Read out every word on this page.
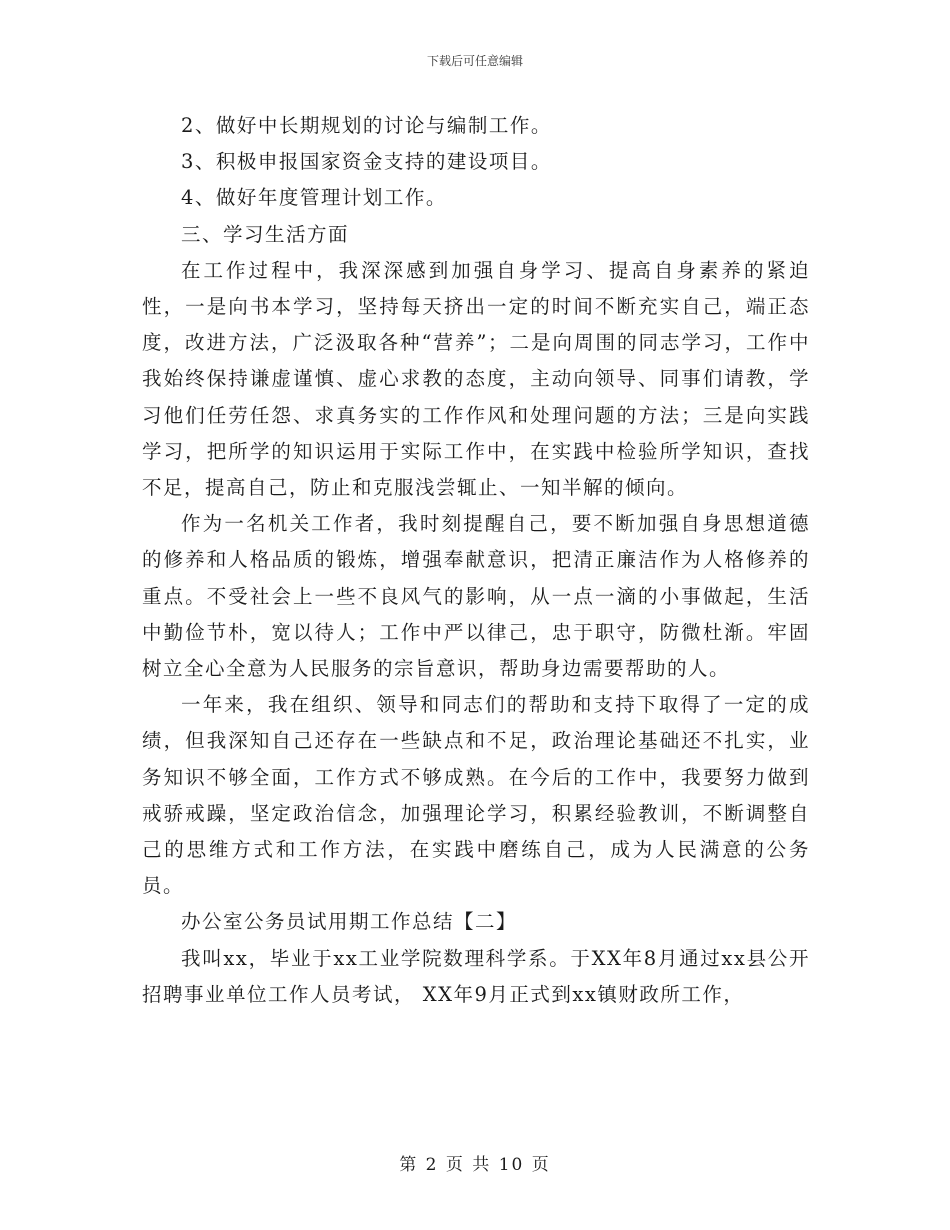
下载后可任意编辑

2、做好中长期规划的讨论与编制工作。

3、积极申报国家资金支持的建设项目。

4、做好年度管理计划工作。

三、学习生活方面

在工作过程中，我深深感到加强自身学习、提高自身素养的紧迫性，一是向书本学习，坚持每天挤出一定的时间不断充实自己，端正态度，改进方法，广泛汲取各种“营养”；二是向周围的同志学习，工作中我始终保持谦虚谨慎、虚心求教的态度，主动向领导、同事们请教，学习他们任劳任怨、求真务实的工作作风和处理问题的方法；三是向实践学习，把所学的知识运用于实际工作中，在实践中检验所学知识，查找不足，提高自己，防止和克服浅尝辄止、一知半解的倾向。

作为一名机关工作者，我时刻提醒自己，要不断加强自身思想道德的修养和人格品质的锻炼，增强奉献意识，把清正廉洁作为人格修养的重点。不受社会上一些不良风气的影响，从一点一滴的小事做起，生活中勤俭节朴，宽以待人；工作中严以律己，忠于职守，防微杜渐。牢固树立全心全意为人民服务的宗旨意识，帮助身边需要帮助的人。

一年来，我在组织、领导和同志们的帮助和支持下取得了一定的成绩，但我深知自己还存在一些缺点和不足，政治理论基础还不扎实，业务知识不够全面，工作方式不够成熟。在今后的工作中，我要努力做到戒骄戒躁，坚定政治信念，加强理论学习，积累经验教训，不断调整自己的思维方式和工作方法，在实践中磨练自己，成为人民满意的公务员。

办公室公务员试用期工作总结【二】

我叫xx，毕业于xx工业学院数理科学系。于XX年8月通过xx县公开招聘事业单位工作人员考试， XX年9月正式到xx镇财政所工作，

第 2 页 共 10 页
